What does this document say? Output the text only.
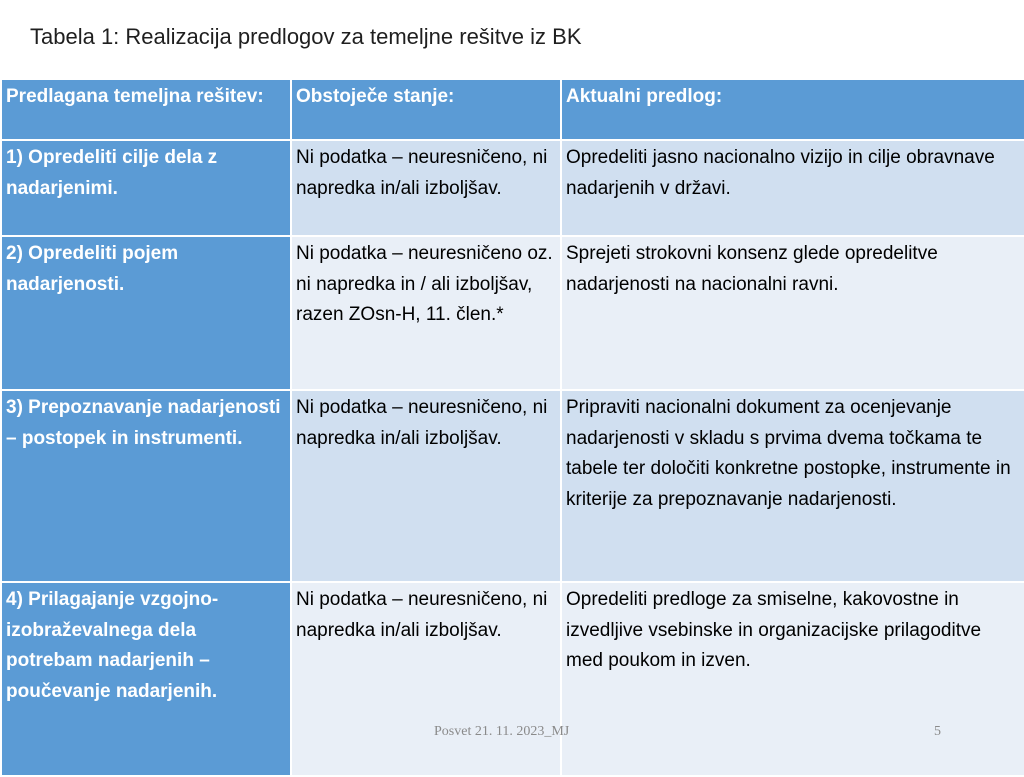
Tabela 1: Realizacija predlogov za temeljne rešitve iz BK
Predlagana temeljna rešitev:	Obstoječe stanje:	Aktualni predlog:
1) Opredeliti cilje dela z nadarjenimi.	Ni podatka – neuresničeno, ni napredka in/ali izboljšav.	Opredeliti jasno nacionalno vizijo in cilje obravnave nadarjenih v državi.
2) Opredeliti pojem nadarjenosti.	Ni podatka – neuresničeno oz. ni napredka in / ali izboljšav, razen ZOsn-H, 11. člen.*	Sprejeti strokovni konsenz glede opredelitve nadarjenosti na nacionalni ravni.
3) Prepoznavanje nadarjenosti – postopek in instrumenti.	Ni podatka – neuresničeno, ni napredka in/ali izboljšav.	Pripraviti nacionalni dokument za ocenjevanje nadarjenosti v skladu s prvima dvema točkama te tabele ter določiti konkretne postopke, instrumente in kriterije za prepoznavanje nadarjenosti.
4) Prilagajanje vzgojno-izobraževalnega dela potrebam nadarjenih – poučevanje nadarjenih.	Ni podatka – neuresničeno, ni napredka in/ali izboljšav.	Opredeliti predloge za smiselne, kakovostne in izvedljive vsebinske in organizacijske prilagoditve med poukom in izven.
Posvet 21. 11. 2023_MJ	5
